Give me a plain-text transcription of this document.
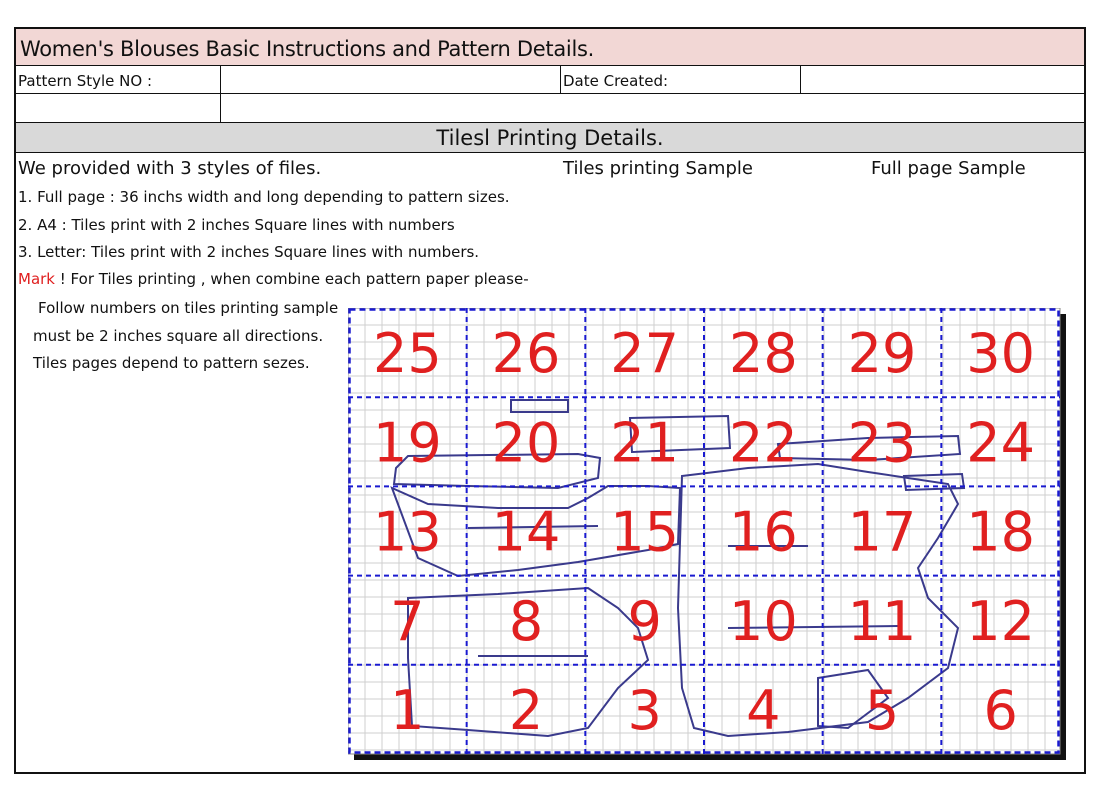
Women's Blouses Basic Instructions and Pattern Details.
Pattern Style NO :	Date Created:
Tilesl Printing Details.
We provided with 3 styles of files.	Tiles printing Sample	Full page Sample
1. Full page : 36 inchs width and long depending to pattern sizes.
2. A4 : Tiles print with 2 inches Square lines with numbers
3. Letter: Tiles print with 2 inches Square lines with numbers.
Mark ! For Tiles printing , when combine each pattern paper please-
Follow numbers on tiles printing sample
must be 2 inches square all directions.
Tiles pages depend to pattern sezes. 25 26 27 28 29 30
19 20 21 22 23 24
13 14 15 16 17 18
7 8 9 10 11 12
1 2 3 4 5 6
